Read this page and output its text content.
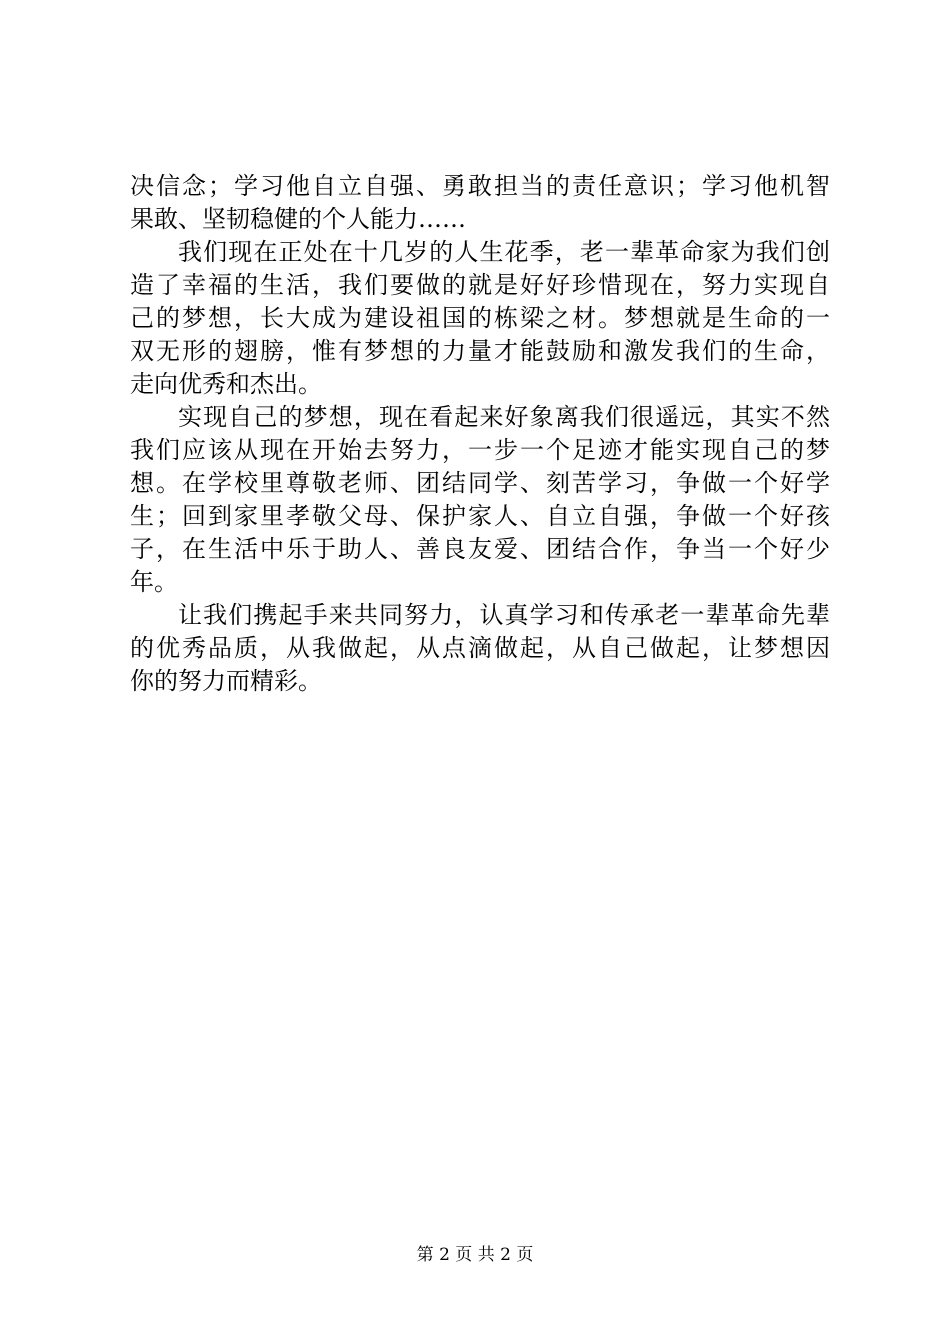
决信念；学习他自立自强、勇敢担当的责任意识；学习他机智
果敢、坚韧稳健的个人能力……
我们现在正处在十几岁的人生花季，老一辈革命家为我们创
造了幸福的生活，我们要做的就是好好珍惜现在，努力实现自
己的梦想，长大成为建设祖国的栋梁之材。梦想就是生命的一
双无形的翅膀，惟有梦想的力量才能鼓励和激发我们的生命，
走向优秀和杰出。
实现自己的梦想，现在看起来好象离我们很遥远，其实不然
我们应该从现在开始去努力，一步一个足迹才能实现自己的梦
想。在学校里尊敬老师、团结同学、刻苦学习，争做一个好学
生；回到家里孝敬父母、保护家人、自立自强，争做一个好孩
子，在生活中乐于助人、善良友爱、团结合作，争当一个好少
年。
让我们携起手来共同努力，认真学习和传承老一辈革命先辈
的优秀品质，从我做起，从点滴做起，从自己做起，让梦想因
你的努力而精彩。
第 2 页 共 2 页
